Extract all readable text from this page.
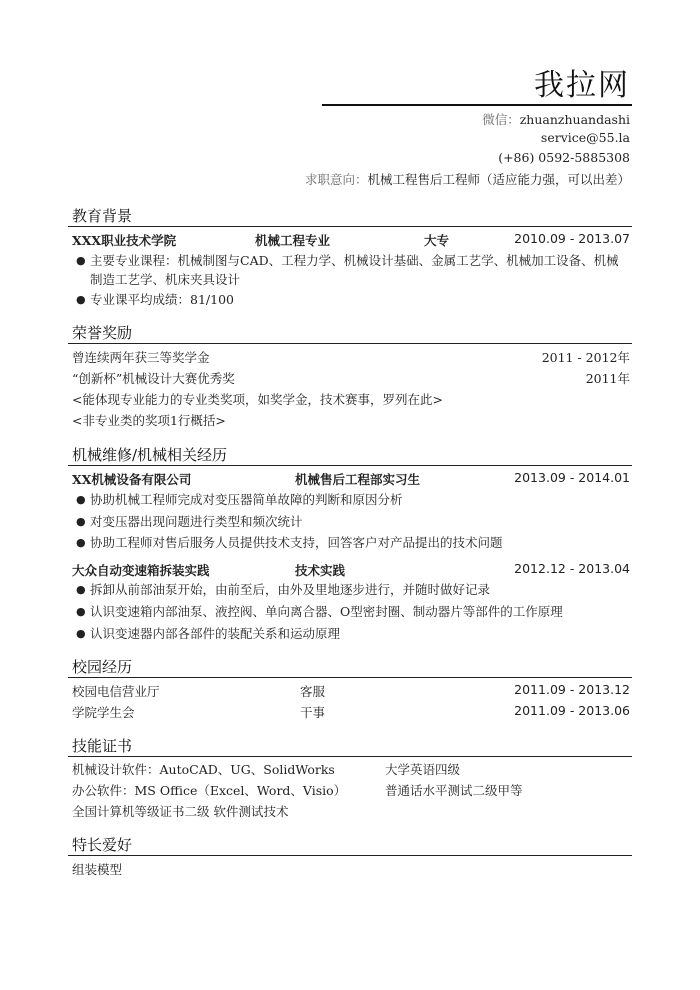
我拉网
微信：zhuanzhuandashi
service@55.la
(+86) 0592-5885308
求职意向：机械工程售后工程师（适应能力强，可以出差）
教育背景
XXX职业技术学院	机械工程专业	大专	2010.09 - 2013.07
● 主要专业课程：机械制图与CAD、工程力学、机械设计基础、金属工艺学、机械加工设备、机械制造工艺学、机床夹具设计
● 专业课平均成绩：81/100
荣誉奖励
曾连续两年获三等奖学金	2011 - 2012年
“创新杯”机械设计大赛优秀奖	2011年
<能体现专业能力的专业类奖项，如奖学金，技术赛事，罗列在此>
<非专业类的奖项1行概括>
机械维修/机械相关经历
XX机械设备有限公司	机械售后工程部实习生	2013.09 - 2014.01
● 协助机械工程师完成对变压器简单故障的判断和原因分析
● 对变压器出现问题进行类型和频次统计
● 协助工程师对售后服务人员提供技术支持，回答客户对产品提出的技术问题
大众自动变速箱拆装实践	技术实践	2012.12 - 2013.04
● 拆卸从前部油泵开始，由前至后，由外及里地逐步进行，并随时做好记录
● 认识变速箱内部油泵、液控阀、单向离合器、O型密封圈、制动器片等部件的工作原理
● 认识变速器内部各部件的装配关系和运动原理
校园经历
校园电信营业厅	客服	2011.09 - 2013.12
学院学生会	干事	2011.09 - 2013.06
技能证书
机械设计软件：AutoCAD、UG、SolidWorks	大学英语四级
办公软件：MS Office（Excel、Word、Visio）	普通话水平测试二级甲等
全国计算机等级证书二级 软件测试技术
特长爱好
组装模型
